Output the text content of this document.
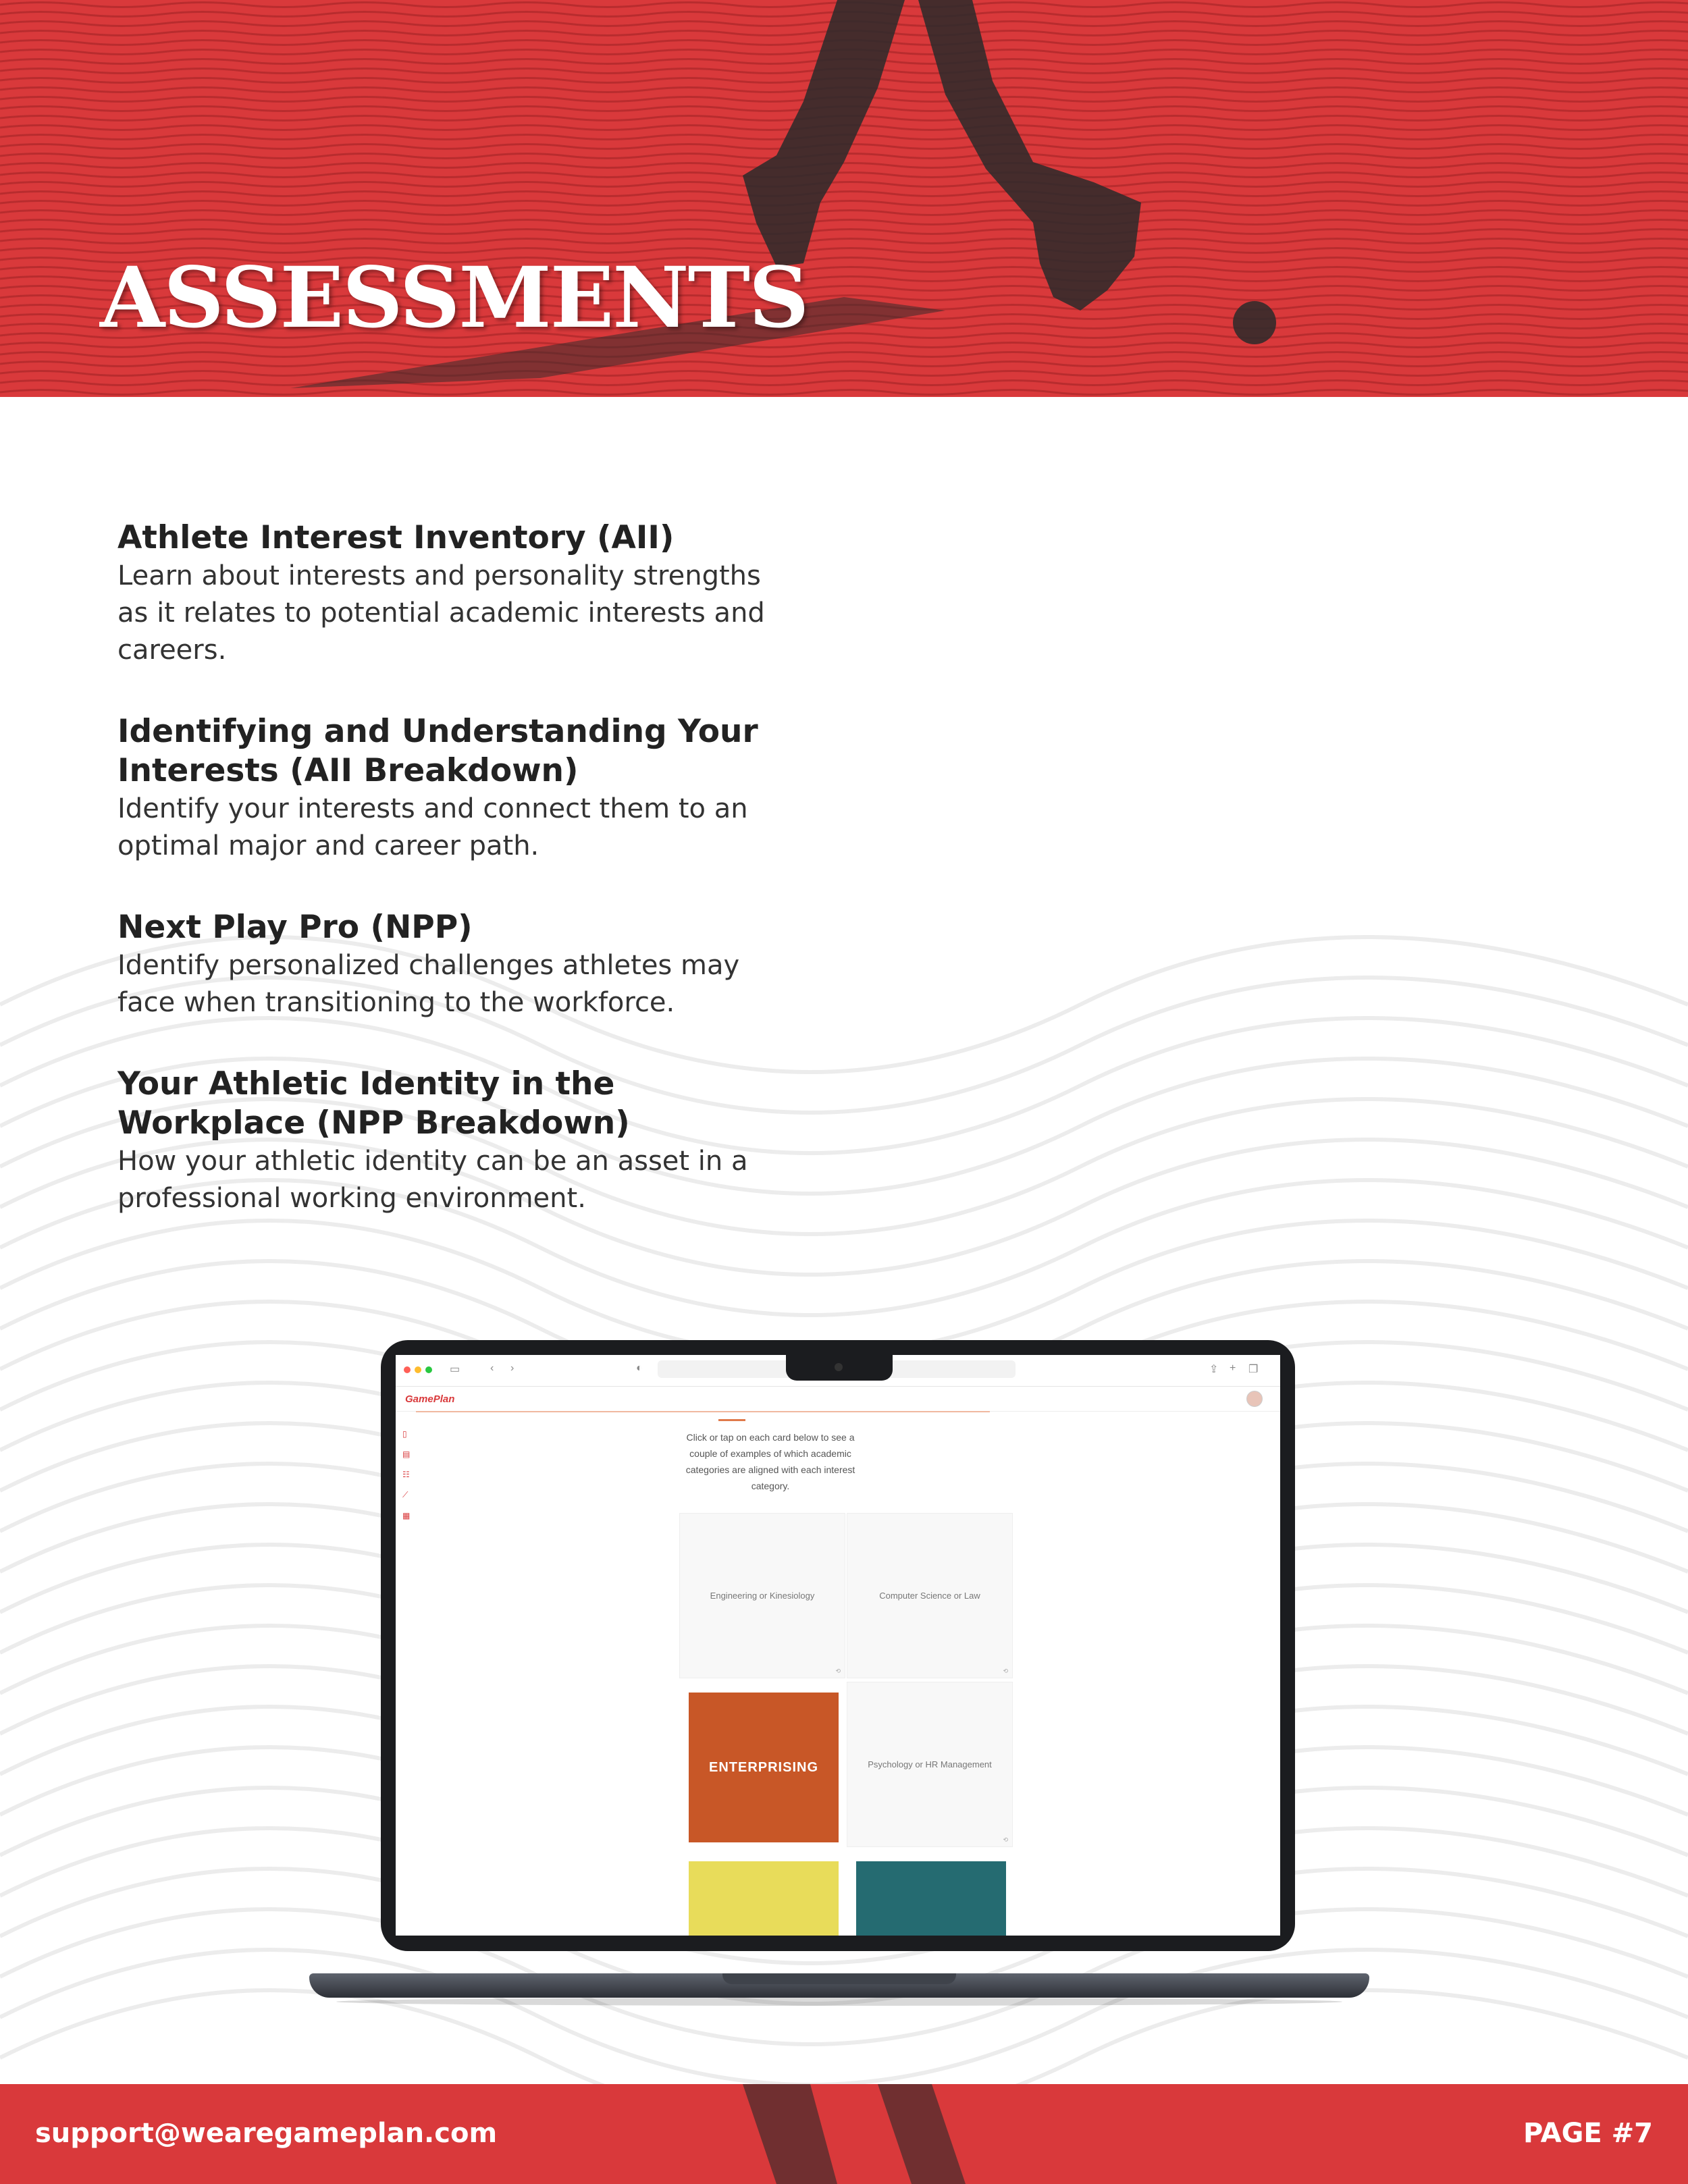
ASSESSMENTS
Athlete Interest Inventory (AII)

Learn about interests and personality strengths as it relates to potential academic interests and careers.

Identifying and Understanding Your Interests (AII Breakdown)

Identify your interests and connect them to an optimal major and career path.

Next Play Pro (NPP)

Identify personalized challenges athletes may face when transitioning to the workforce.

Your Athletic Identity in the Workplace (NPP Breakdown)

How your athletic identity can be an asset in a professional working environment.

▭	‹ ›	◐	⇪ + ❐
GamePlan
▯
▤
☷
⟋
▦
Click or tap on each card below to see a couple of examples of which academic categories are aligned with each interest category.
Engineering or Kinesiology
⟲
Computer Science or Law
⟲
ENTERPRISING	Psychology or HR Management
⟲
support@wearegameplan.com	PAGE #7
